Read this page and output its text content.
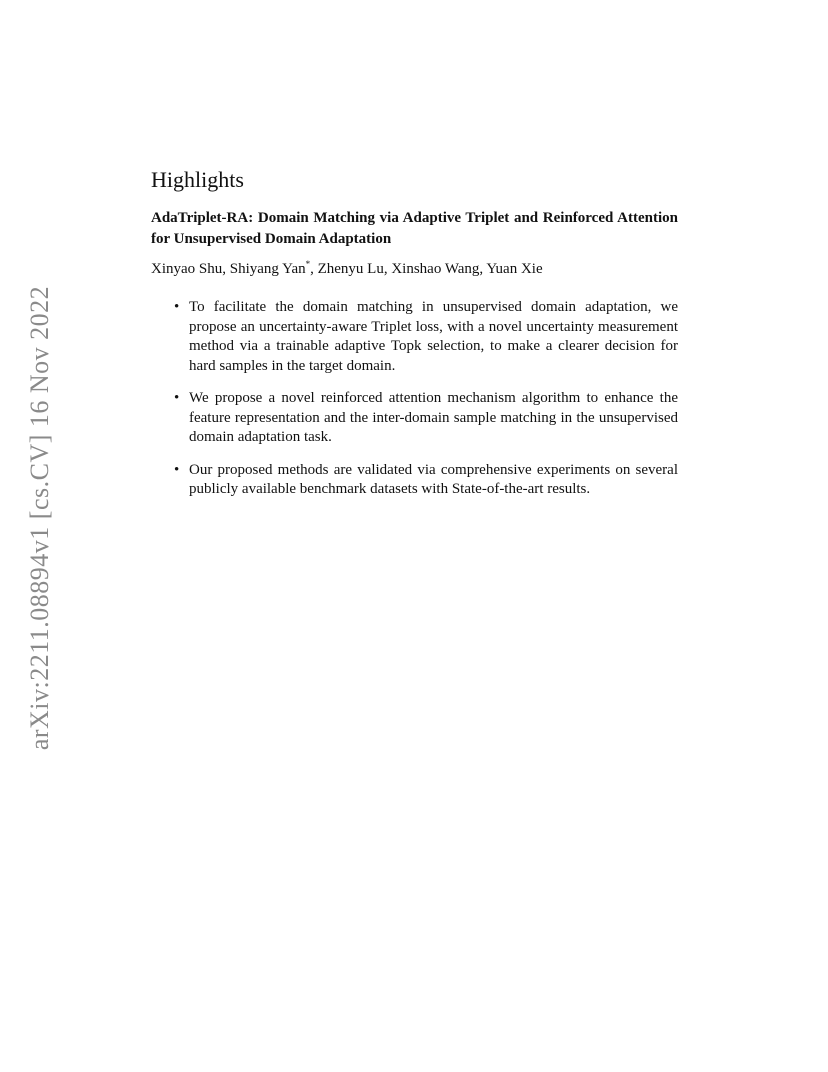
arXiv:2211.08894v1 [cs.CV] 16 Nov 2022
Highlights
AdaTriplet-RA: Domain Matching via Adaptive Triplet and Reinforced Attention for Unsupervised Domain Adaptation
Xinyao Shu, Shiyang Yan*, Zhenyu Lu, Xinshao Wang, Yuan Xie
• To facilitate the domain matching in unsupervised domain adaptation, we propose an uncertainty-aware Triplet loss, with a novel uncertainty measurement method via a trainable adaptive Topk selection, to make a clearer decision for hard samples in the target domain.
• We propose a novel reinforced attention mechanism algorithm to enhance the feature representation and the inter-domain sample matching in the unsupervised domain adaptation task.
• Our proposed methods are validated via comprehensive experiments on several publicly available benchmark datasets with State-of-the-art results.
